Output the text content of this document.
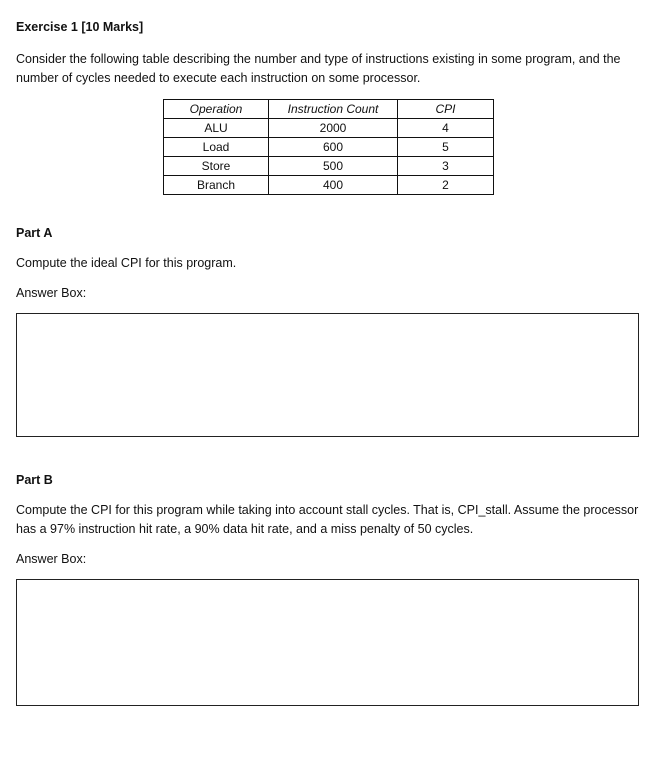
Exercise 1 [10 Marks]
Consider the following table describing the number and type of instructions existing in some program, and the number of cycles needed to execute each instruction on some processor.
Operation	Instruction Count	CPI
ALU	2000	4
Load	600	5
Store	500	3
Branch	400	2
Part A
Compute the ideal CPI for this program.
Answer Box:
Part B
Compute the CPI for this program while taking into account stall cycles. That is, CPI_stall. Assume the processor has a 97% instruction hit rate, a 90% data hit rate, and a miss penalty of 50 cycles.
Answer Box:
